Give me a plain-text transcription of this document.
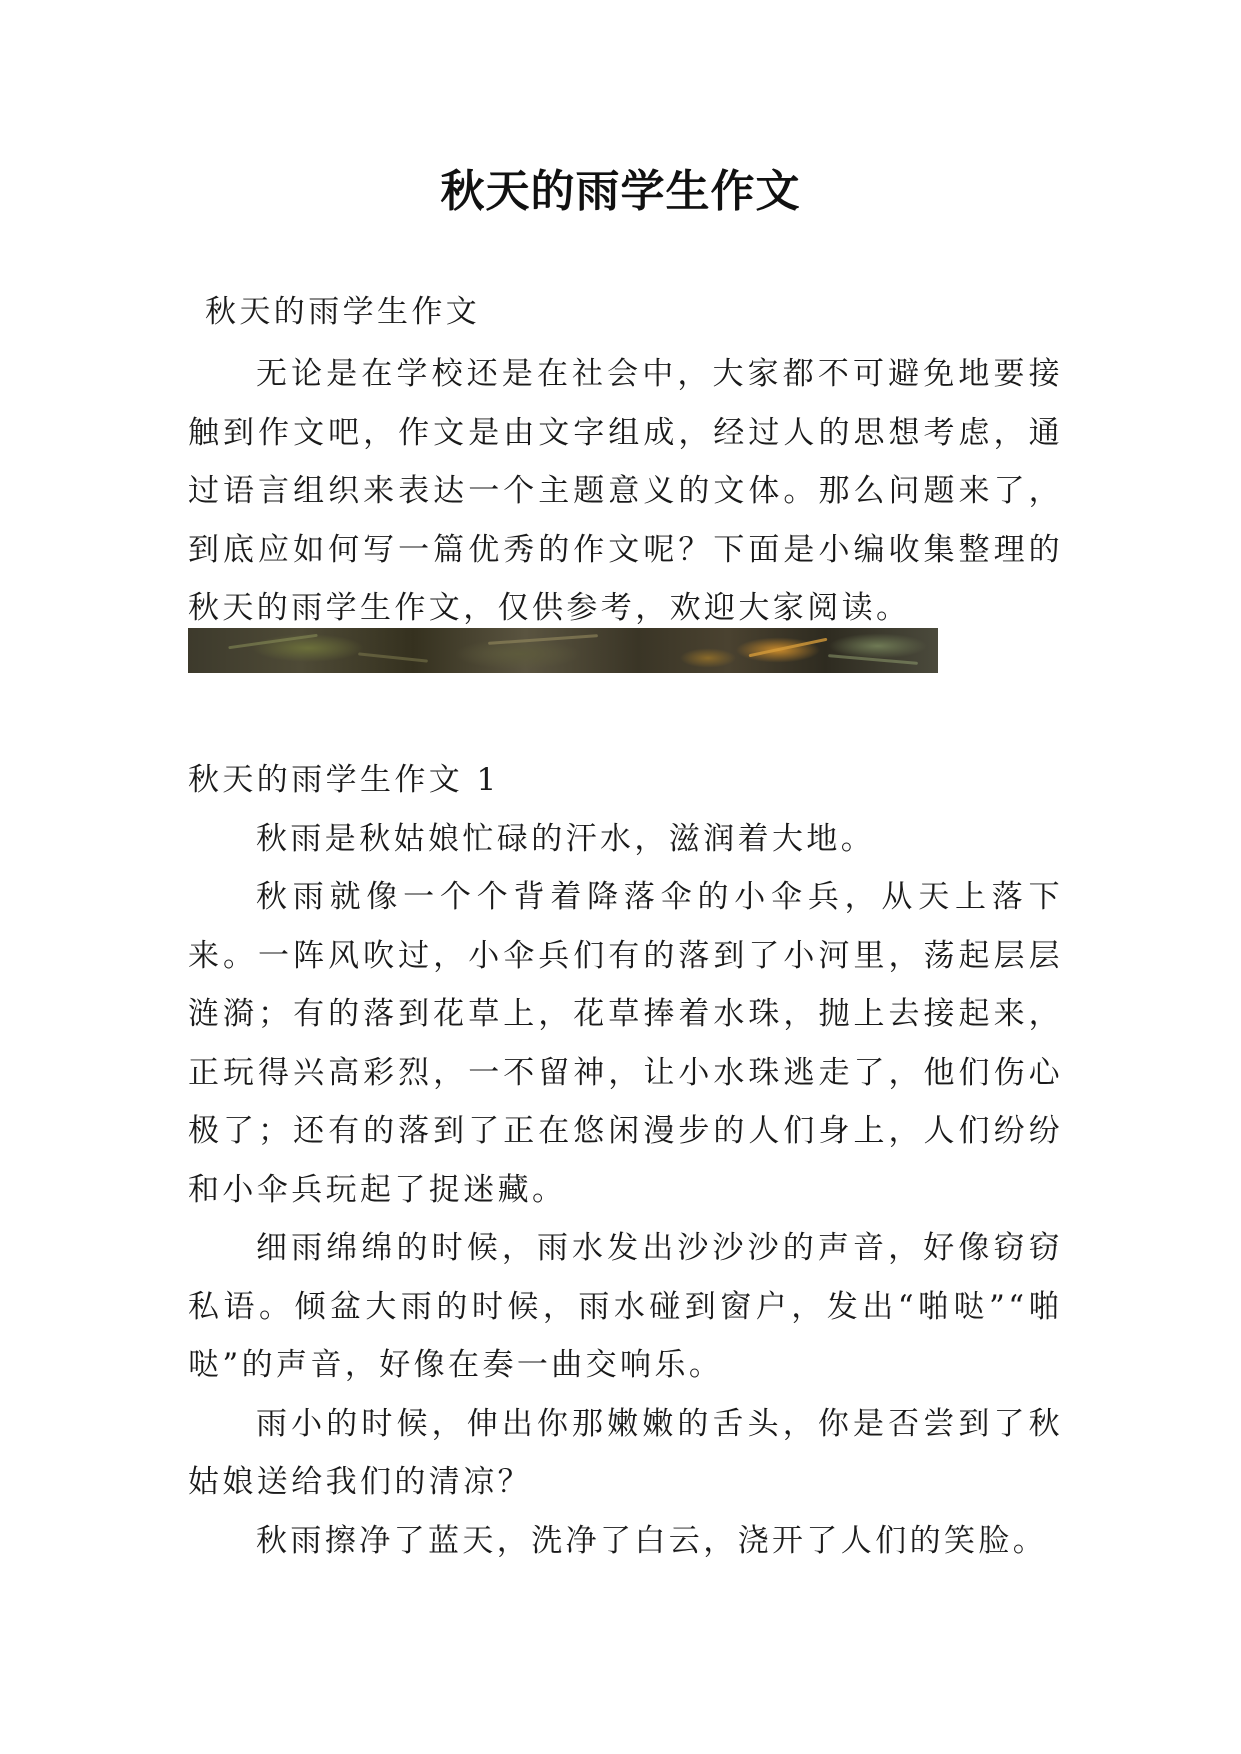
秋天的雨学生作文

秋天的雨学生作文

无论是在学校还是在社会中，大家都不可避免地要接触到作文吧，作文是由文字组成，经过人的思想考虑，通过语言组织来表达一个主题意义的文体。那么问题来了，到底应如何写一篇优秀的作文呢？下面是小编收集整理的秋天的雨学生作文，仅供参考，欢迎大家阅读。

秋天的雨学生作文 1

秋雨是秋姑娘忙碌的汗水，滋润着大地。

秋雨就像一个个背着降落伞的小伞兵，从天上落下来。一阵风吹过，小伞兵们有的落到了小河里，荡起层层涟漪；有的落到花草上，花草捧着水珠，抛上去接起来，正玩得兴高彩烈，一不留神，让小水珠逃走了，他们伤心极了；还有的落到了正在悠闲漫步的人们身上，人们纷纷和小伞兵玩起了捉迷藏。

细雨绵绵的时候，雨水发出沙沙沙的声音，好像窃窃私语。倾盆大雨的时候，雨水碰到窗户，发出“啪哒”“啪哒”的声音，好像在奏一曲交响乐。

雨小的时候，伸出你那嫩嫩的舌头，你是否尝到了秋姑娘送给我们的清凉？

秋雨擦净了蓝天，洗净了白云，浇开了人们的笑脸。
